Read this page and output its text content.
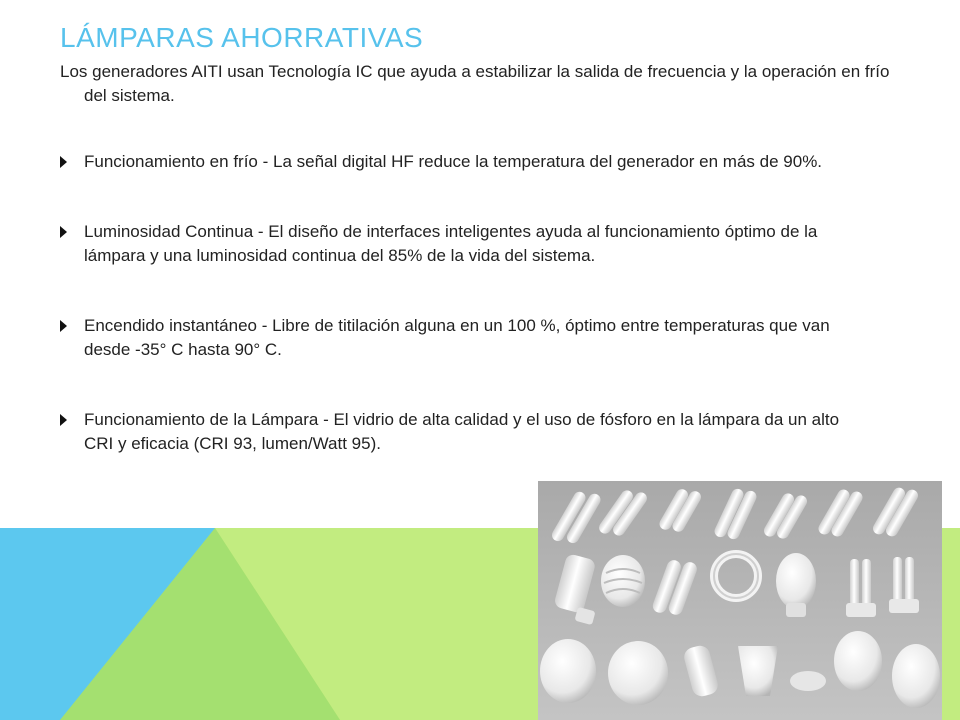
LÁMPARAS AHORRATIVAS
Los generadores AITI usan Tecnología IC que ayuda a estabilizar la salida de frecuencia y la operación en frío del sistema.
Funcionamiento en frío - La señal digital HF reduce la temperatura del generador en más de 90%.
Luminosidad Continua - El diseño de interfaces inteligentes ayuda al funcionamiento óptimo de la lámpara y una luminosidad continua del 85% de la vida del sistema.
Encendido instantáneo - Libre de titilación alguna en un 100 %, óptimo entre temperaturas que van desde -35° C hasta 90° C.
Funcionamiento de la Lámpara - El vidrio de alta calidad y el uso de fósforo en la lámpara da un alto CRI y eficacia (CRI 93, lumen/Watt 95).
